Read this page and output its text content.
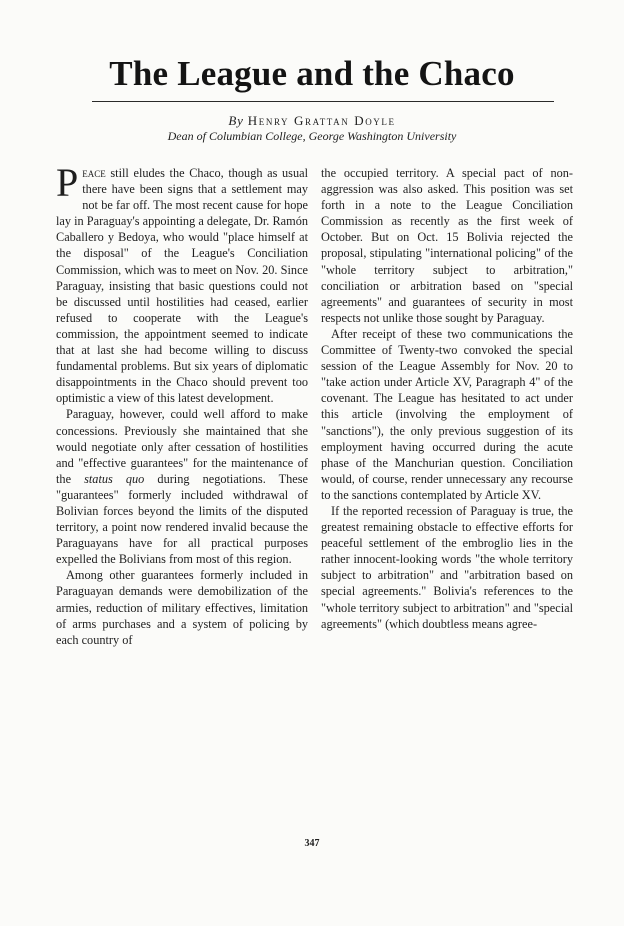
The League and the Chaco
By Henry Grattan Doyle
Dean of Columbian College, George Washington University

Peace still eludes the Chaco, though as usual there have been signs that a settlement may not be far off. The most recent cause for hope lay in Paraguay's appointing a delegate, Dr. Ramón Caballero y Bedoya, who would "place himself at the disposal" of the League's Conciliation Commission, which was to meet on Nov. 20. Since Paraguay, insisting that basic questions could not be discussed until hostilities had ceased, earlier refused to cooperate with the League's commission, the appointment seemed to indicate that at last she had become willing to discuss fundamental problems. But six years of diplomatic disappointments in the Chaco should prevent too optimistic a view of this latest development.

Paraguay, however, could well afford to make concessions. Previously she maintained that she would negotiate only after cessation of hostilities and "effective guarantees" for the maintenance of the status quo during negotiations. These "guarantees" formerly included withdrawal of Bolivian forces beyond the limits of the disputed territory, a point now rendered invalid because the Paraguayans have for all practical purposes expelled the Bolivians from most of this region.

Among other guarantees formerly included in Paraguayan demands were demobilization of the armies, reduction of military effectives, limitation of arms purchases and a system of policing by each country of

the occupied territory. A special pact of non-aggression was also asked. This position was set forth in a note to the League Conciliation Commission as recently as the first week of October. But on Oct. 15 Bolivia rejected the proposal, stipulating "international policing" of the "whole territory subject to arbitration," conciliation or arbitration based on "special agreements" and guarantees of security in most respects not unlike those sought by Paraguay.

After receipt of these two communications the Committee of Twenty-two convoked the special session of the League Assembly for Nov. 20 to "take action under Article XV, Paragraph 4" of the covenant. The League has hesitated to act under this article (involving the employment of "sanctions"), the only previous suggestion of its employment having occurred during the acute phase of the Manchurian question. Conciliation would, of course, render unnecessary any recourse to the sanctions contemplated by Article XV.

If the reported recession of Paraguay is true, the greatest remaining obstacle to effective efforts for peaceful settlement of the embroglio lies in the rather innocent-looking words "the whole territory subject to arbitration" and "arbitration based on special agreements." Bolivia's references to the "whole territory subject to arbitration" and "special agreements" (which doubtless means agree-

347
